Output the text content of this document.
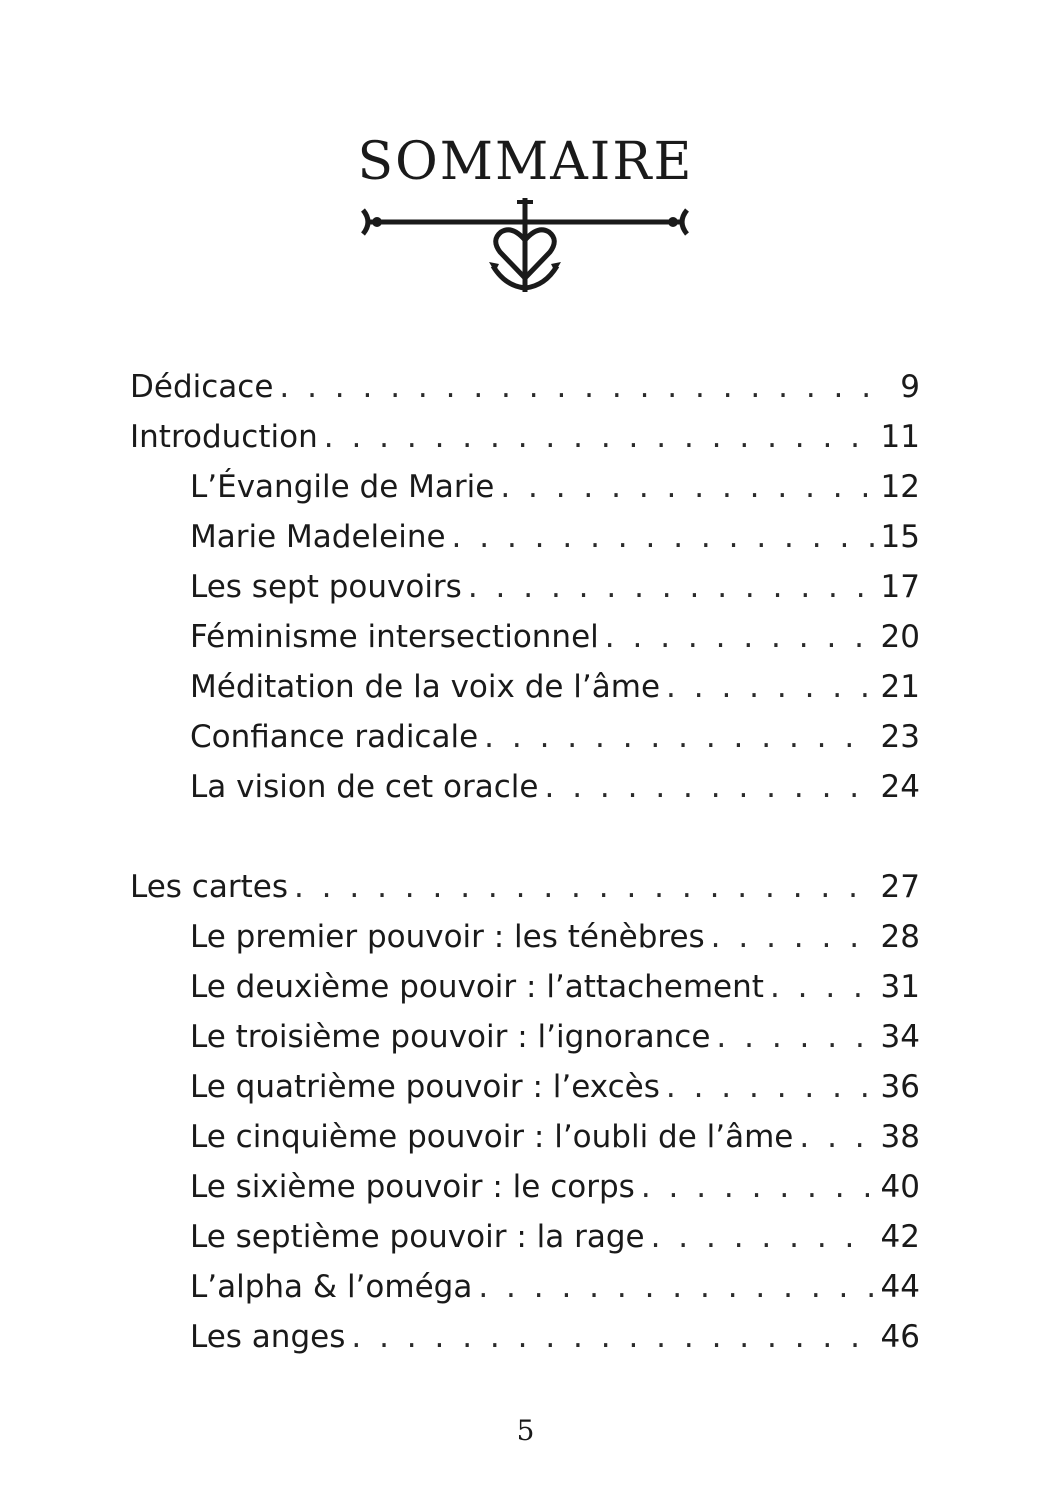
SOMMAIRE
Dédicace . . .	9
Introduction . . .	11
L’Évangile de Marie . . .	12
Marie Madeleine . . .	15
Les sept pouvoirs . . .	17
Féminisme intersectionnel . . .	20
Méditation de la voix de l’âme . . .	21
Confiance radicale . . .	23
La vision de cet oracle . . .	24
Les cartes . . .	27
Le premier pouvoir : les ténèbres . . .	28
Le deuxième pouvoir : l’attachement . . .	31
Le troisième pouvoir : l’ignorance . . .	34
Le quatrième pouvoir : l’excès . . .	36
Le cinquième pouvoir : l’oubli de l’âme . . .	38
Le sixième pouvoir : le corps . . .	40
Le septième pouvoir : la rage . . .	42
L’alpha & l’oméga . . .	44
Les anges . . .	46
5
